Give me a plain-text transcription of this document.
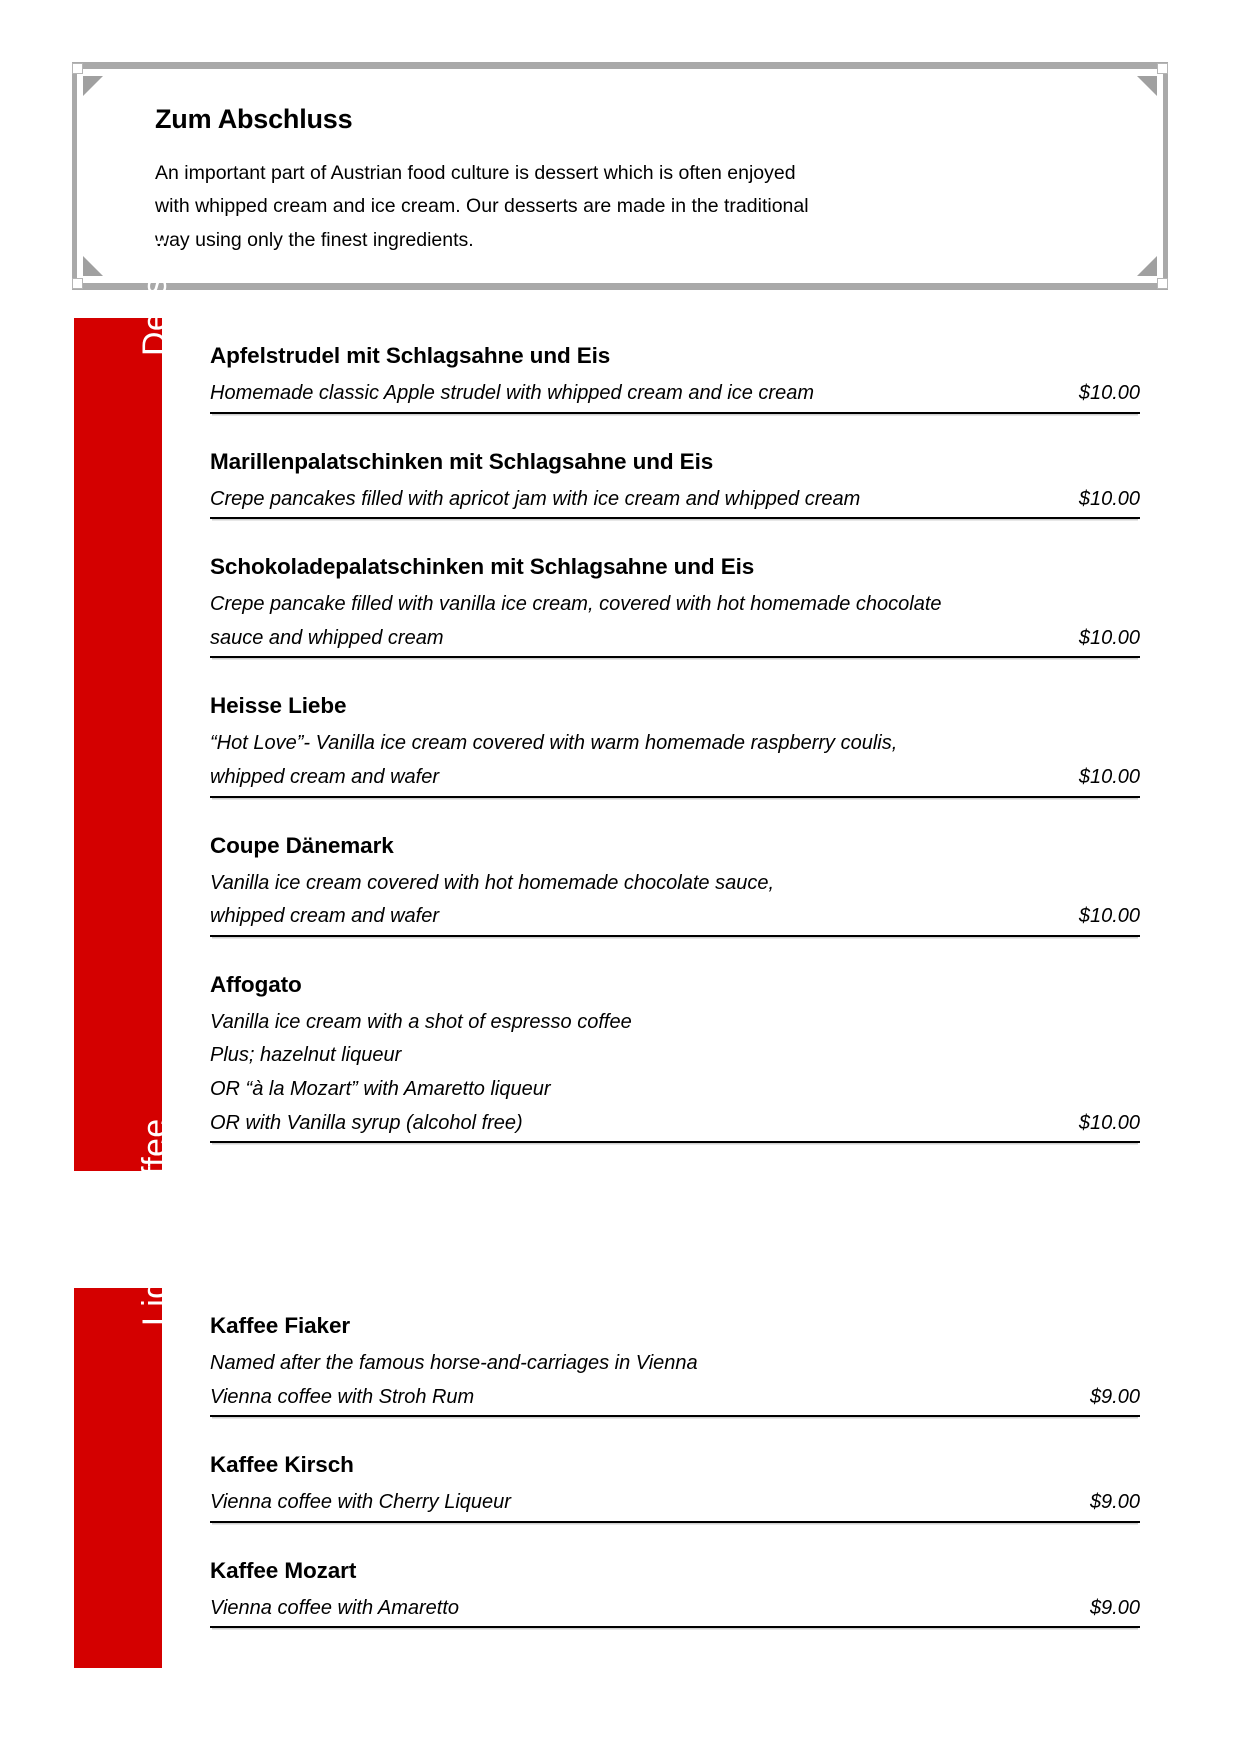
Zum Abschluss
An important part of Austrian food culture is dessert which is often enjoyed
with whipped cream and ice cream. Our desserts are made in the traditional
way using only the finest ingredients.
Dessert Apfelstrudel mit Schlagsahne und Eis
Homemade classic Apple strudel with whipped cream and ice cream	$10.00
Marillenpalatschinken mit Schlagsahne und Eis
Crepe pancakes filled with apricot jam with ice cream and whipped cream	$10.00
Schokoladepalatschinken mit Schlagsahne und Eis
Crepe pancake filled with vanilla ice cream, covered with hot homemade chocolate
sauce and whipped cream	$10.00
Heisse Liebe
“Hot Love”- Vanilla ice cream covered with warm homemade raspberry coulis,
whipped cream and wafer	$10.00
Coupe Dänemark
Vanilla ice cream covered with hot homemade chocolate sauce,
whipped cream and wafer	$10.00
Affogato
Vanilla ice cream with a shot of espresso coffee
Plus; hazelnut liqueur
OR “à la Mozart” with Amaretto liqueur
OR with Vanilla syrup (alcohol free)	$10.00
Liquer Coffee Kaffee Fiaker
Named after the famous horse-and-carriages in Vienna
Vienna coffee with Stroh Rum	$9.00
Kaffee Kirsch
Vienna coffee with Cherry Liqueur	$9.00
Kaffee Mozart
Vienna coffee with Amaretto	$9.00
